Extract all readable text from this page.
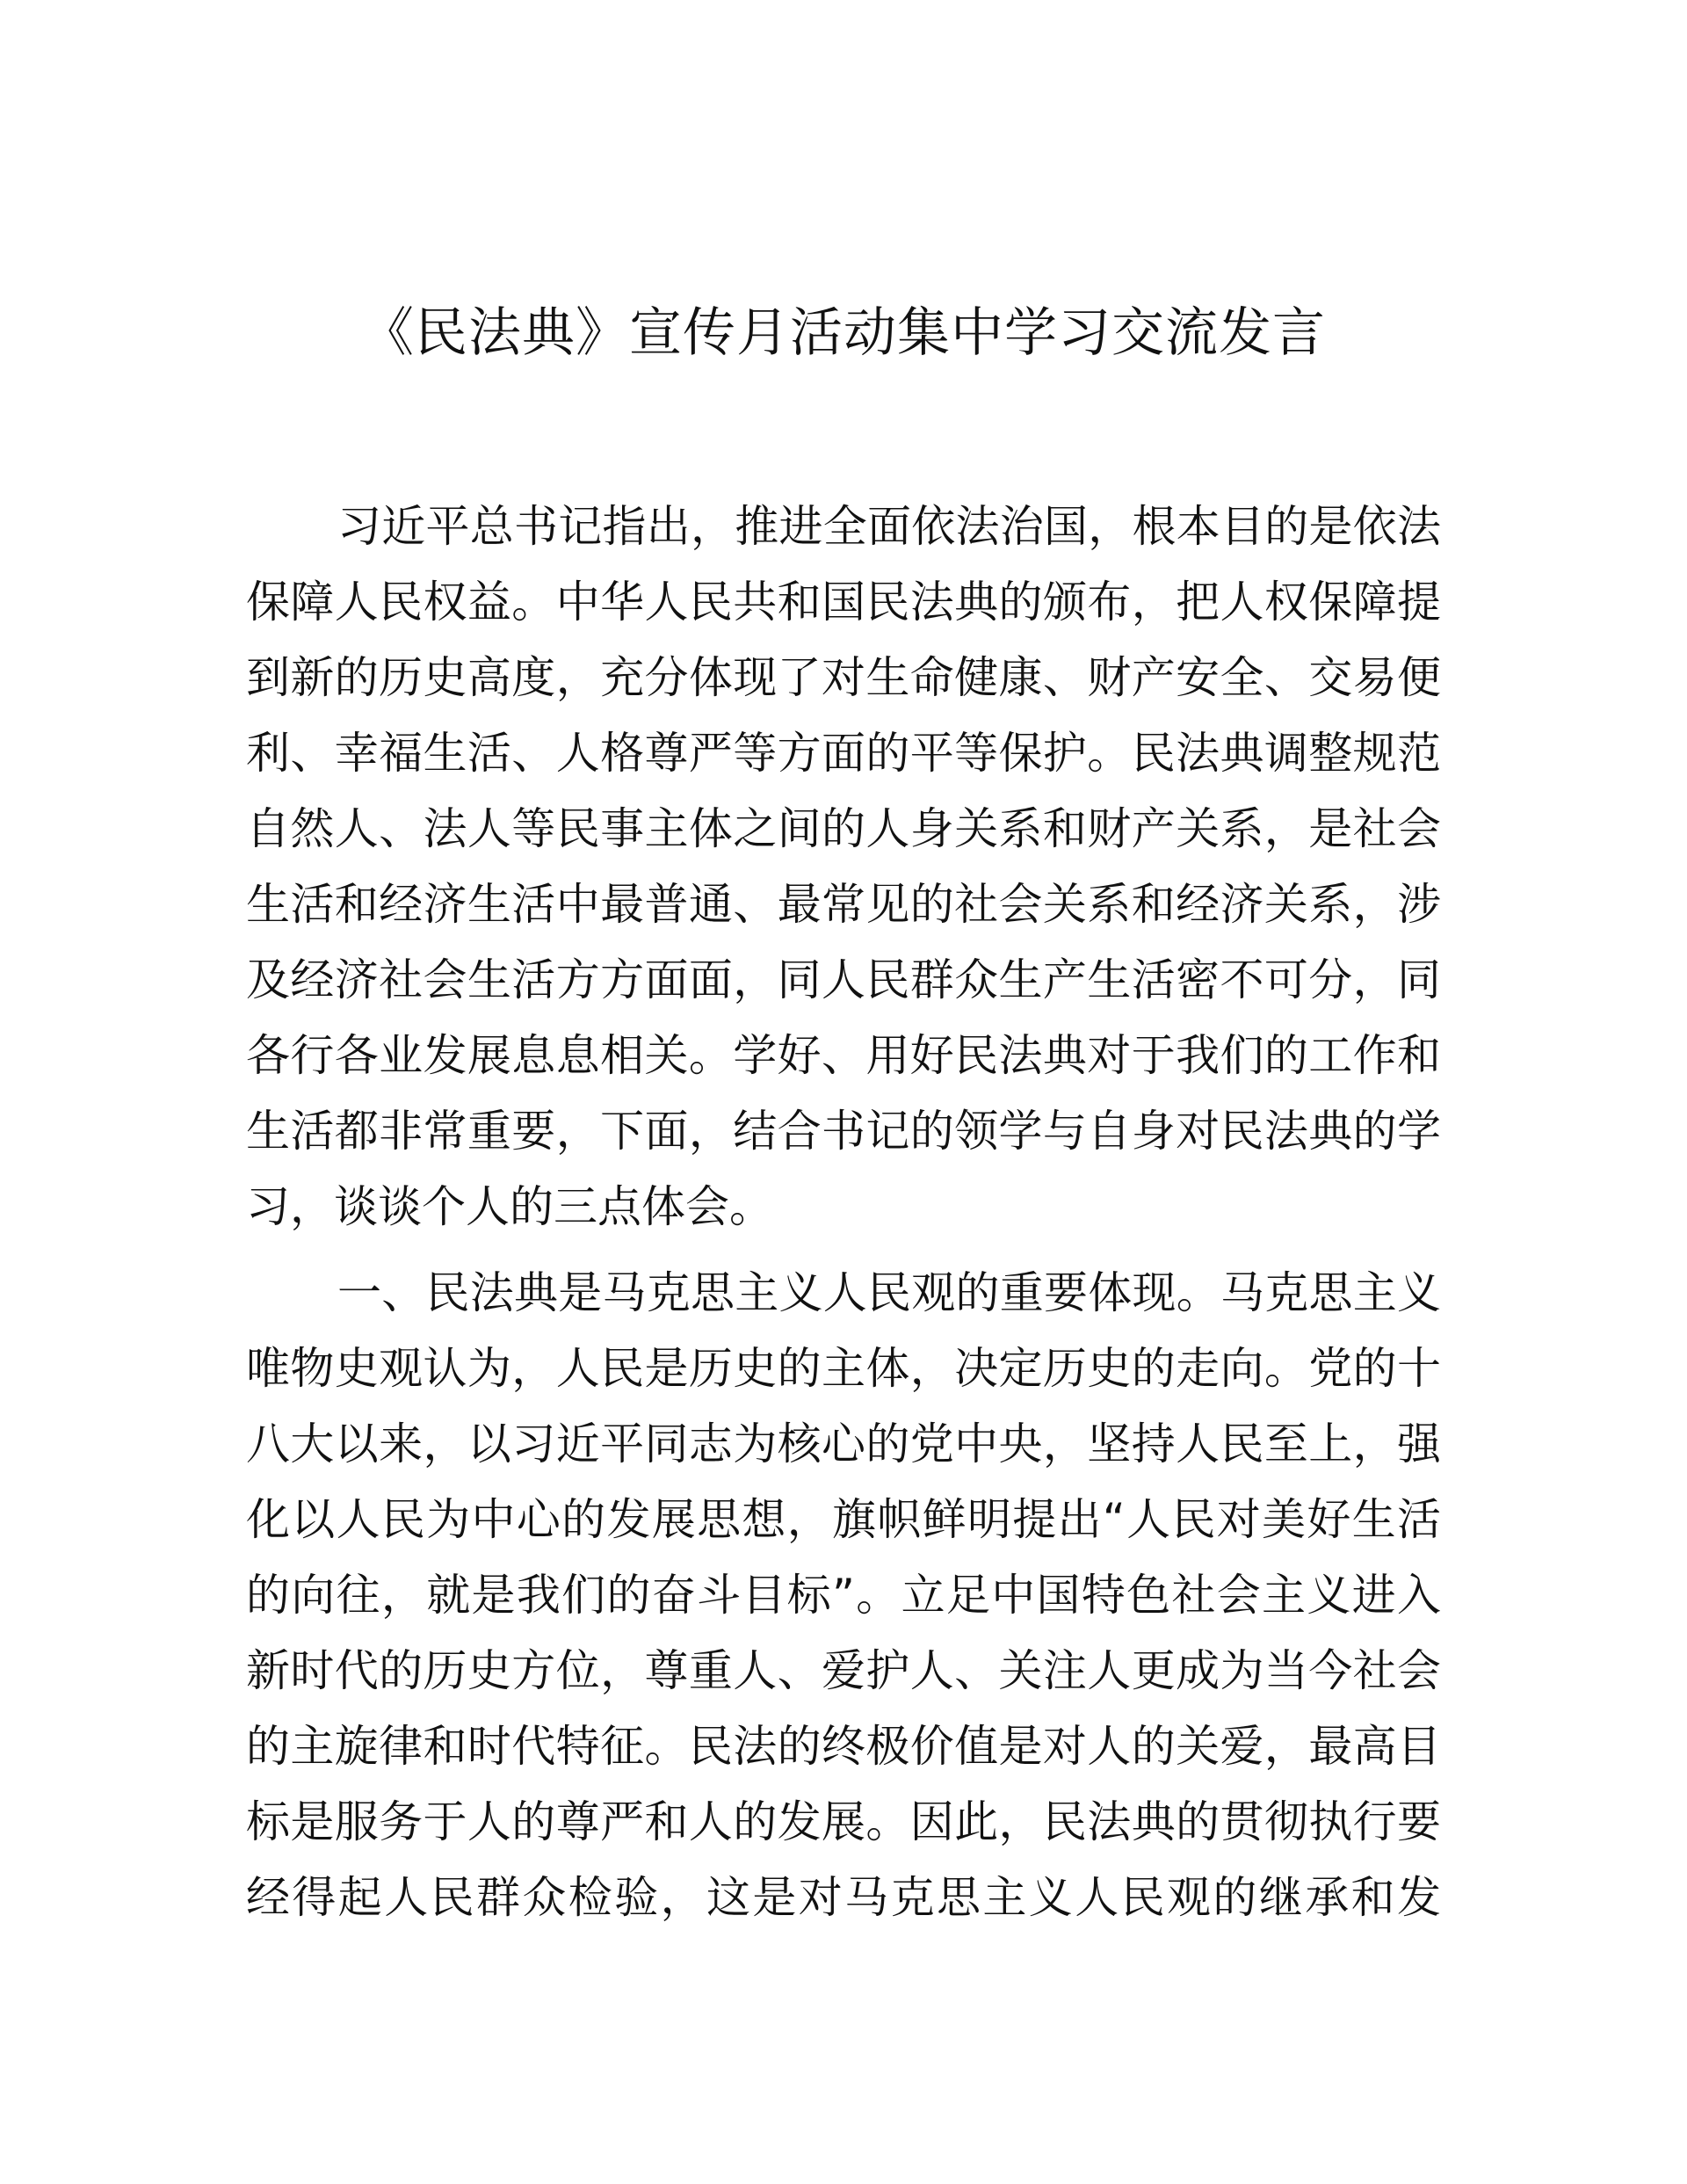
《民法典》宣传月活动集中学习交流发言
习近平总书记指出，推进全面依法治国，根本目的是依法
保障人民权益。中华人民共和国民法典的颁布，把人权保障提
到新的历史高度，充分体现了对生命健康、财产安全、交易便
利、幸福生活、人格尊严等方面的平等保护。民法典调整规范
自然人、法人等民事主体之间的人身关系和财产关系，是社会
生活和经济生活中最普通、最常见的社会关系和经济关系，涉
及经济社会生活方方面面，同人民群众生产生活密不可分，同
各行各业发展息息相关。学好、用好民法典对于我们的工作和
生活都非常重要，下面，结合书记的领学与自身对民法典的学
习，谈谈个人的三点体会。
一、民法典是马克思主义人民观的重要体现。马克思主义
唯物史观认为，人民是历史的主体，决定历史的走向。党的十
八大以来，以习近平同志为核心的党中央，坚持人民至上，强
化以人民为中心的发展思想，旗帜鲜明提出“人民对美好生活
的向往，就是我们的奋斗目标”。立足中国特色社会主义进入
新时代的历史方位，尊重人、爱护人、关注人更成为当今社会
的主旋律和时代特征。民法的终极价值是对人的关爱，最高目
标是服务于人的尊严和人的发展。因此，民法典的贯彻执行要
经得起人民群众检验，这是对马克思主义人民观的继承和发
